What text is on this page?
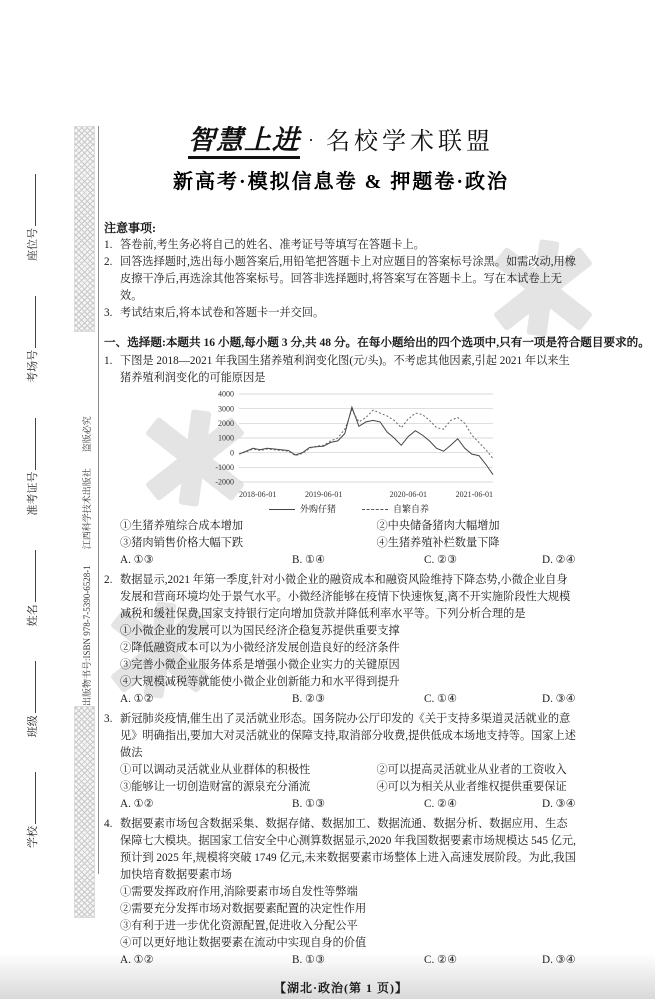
学校
班级
姓名
准考证号
考场号
座位号
出版物书号:ISBN 978-7-5390-6528-1
江西科学技术出版社
盗版必究
智慧上进 · 名校学术联盟
新高考·模拟信息卷 & 押题卷·政治
注意事项:
1. 答卷前,考生务必将自己的姓名、准考证号等填写在答题卡上。
2. 回答选择题时,选出每小题答案后,用铅笔把答题卡上对应题目的答案标号涂黑。如需改动,用橡皮擦干净后,再选涂其他答案标号。回答非选择题时,将答案写在答题卡上。写在本试卷上无效。
3. 考试结束后,将本试卷和答题卡一并交回。
一、选择题:本题共 16 小题,每小题 3 分,共 48 分。在每小题给出的四个选项中,只有一项是符合题目要求的。
1. 下图是 2018—2021 年我国生猪养殖利润变化图(元/头)。不考虑其他因素,引起 2021 年以来生猪养殖利润变化的可能原因是
4000
3000
2000
1000
0
-1000
-2000
2018-06-01	2019-06-01	2020-06-01	2021-06-01
外购仔猪	自繁自养
①生猪养殖综合成本增加	②中央储备猪肉大幅增加
③猪肉销售价格大幅下跌	④生猪养殖补栏数量下降
A. ①③	B. ①④	C. ②③	D. ②④
2. 数据显示,2021 年第一季度,针对小微企业的融资成本和融资风险维持下降态势,小微企业自身发展和营商环境均处于景气水平。小微经济能够在疫情下快速恢复,离不开实施阶段性大规模减税和缓社保费,国家支持银行定向增加贷款并降低利率水平等。下列分析合理的是
①小微企业的发展可以为国民经济企稳复苏提供重要支撑
②降低融资成本可以为小微经济发展创造良好的经济条件
③完善小微企业服务体系是增强小微企业实力的关键原因
④大规模减税等就能使小微企业创新能力和水平得到提升
A. ①②	B. ②③	C. ①④	D. ③④
3. 新冠肺炎疫情,催生出了灵活就业形态。国务院办公厅印发的《关于支持多渠道灵活就业的意见》明确指出,要加大对灵活就业的保障支持,取消部分收费,提供低成本场地支持等。国家上述做法
①可以调动灵活就业从业群体的积极性	②可以提高灵活就业从业者的工资收入
③能够让一切创造财富的源泉充分涌流	④可以为相关从业者维权提供重要保证
A. ①②	B. ①③	C. ②④	D. ③④
4. 数据要素市场包含数据采集、数据存储、数据加工、数据流通、数据分析、数据应用、生态保障七大模块。据国家工信安全中心测算数据显示,2020 年我国数据要素市场规模达 545 亿元,预计到 2025 年,规模将突破 1749 亿元,未来数据要素市场整体上进入高速发展阶段。为此,我国加快培育数据要素市场
①需要发挥政府作用,消除要素市场自发性等弊端
②需要充分发挥市场对数据要素配置的决定性作用
③有利于进一步优化资源配置,促进收入分配公平
④可以更好地让数据要素在流动中实现自身的价值
A. ①②	B. ①③	C. ②④	D. ③④
【湖北·政治(第 1 页)】
